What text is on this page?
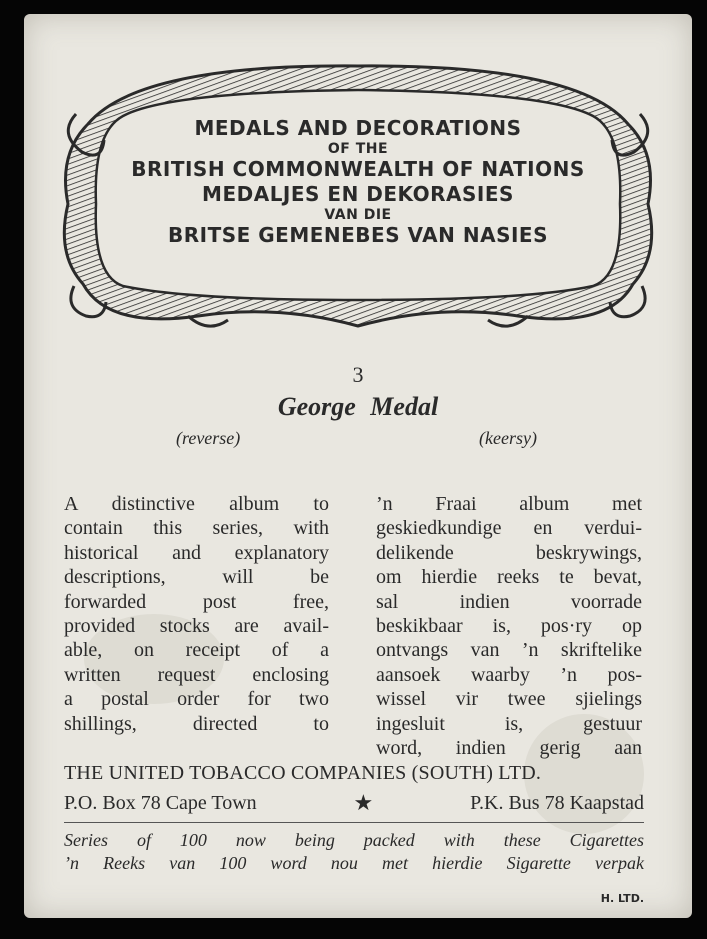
MEDALS AND DECORATIONS
OF THE
BRITISH COMMONWEALTH OF NATIONS
MEDALJES EN DEKORASIES
VAN DIE
BRITSE GEMENEBES VAN NASIES
3
George Medal
(reverse)	(keersy)
A distinctive album to
contain this series, with
historical and explanatory
descriptions, will be
forwarded post free,
provided stocks are avail-
able, on receipt of a
written request enclosing
a postal order for two
shillings, directed to
’n Fraai album met
geskiedkundige en verdui-
delikende beskrywings,
om hierdie reeks te bevat,
sal indien voorrade
beskikbaar is, pos·ry op
ontvangs van ’n skriftelike
aansoek waarby ’n pos-
wissel vir twee sjielings
ingesluit is, gestuur
word, indien gerig aan
THE UNITED TOBACCO COMPANIES (SOUTH) LTD.
P.O. Box 78 Cape Town	★	P.K. Bus 78 Kaapstad
Series of 100 now being packed with these Cigarettes
’n Reeks van 100 word nou met hierdie Sigarette verpak
H. LTD.
